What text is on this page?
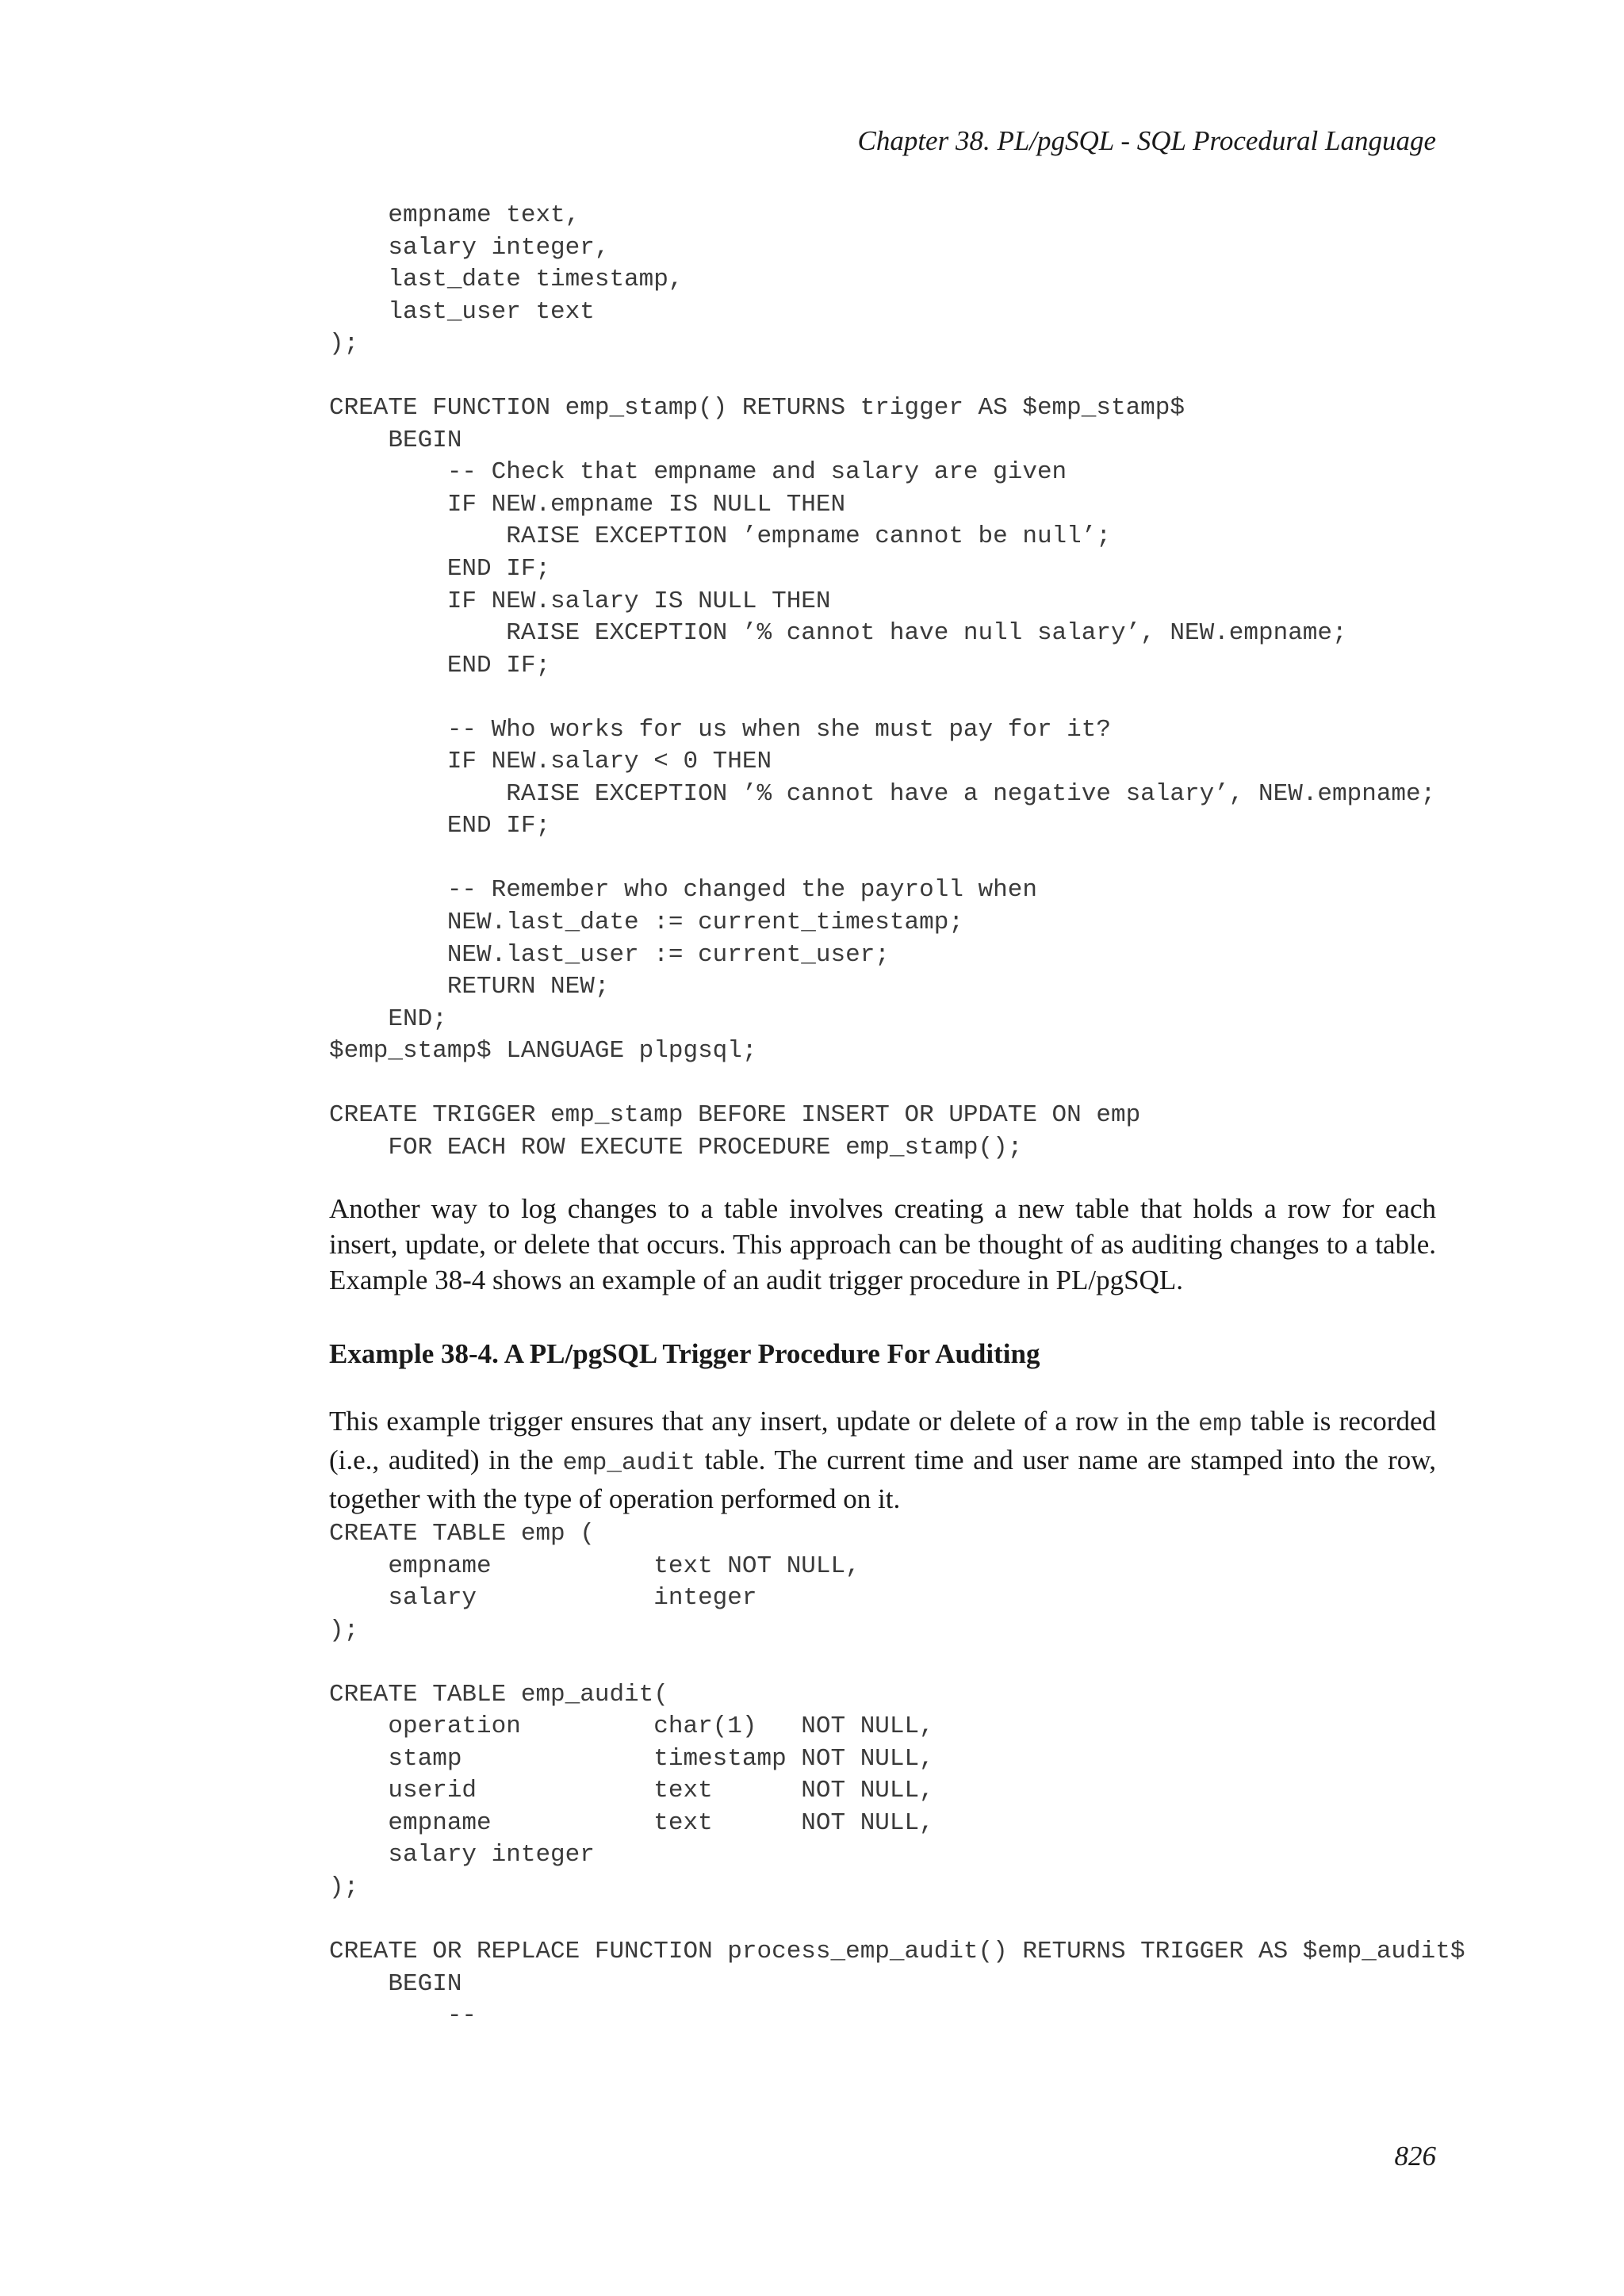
Chapter 38. PL/pgSQL - SQL Procedural Language
empname text,
salary integer,
last_date timestamp,
last_user text
);

CREATE FUNCTION emp_stamp() RETURNS trigger AS $emp_stamp$
BEGIN
-- Check that empname and salary are given
IF NEW.empname IS NULL THEN
RAISE EXCEPTION ’empname cannot be null’;
END IF;
IF NEW.salary IS NULL THEN
RAISE EXCEPTION ’% cannot have null salary’, NEW.empname;
END IF;

-- Who works for us when she must pay for it?
IF NEW.salary < 0 THEN
RAISE EXCEPTION ’% cannot have a negative salary’, NEW.empname;
END IF;

-- Remember who changed the payroll when
NEW.last_date := current_timestamp;
NEW.last_user := current_user;
RETURN NEW;
END;
$emp_stamp$ LANGUAGE plpgsql;

CREATE TRIGGER emp_stamp BEFORE INSERT OR UPDATE ON emp
FOR EACH ROW EXECUTE PROCEDURE emp_stamp();

Another way to log changes to a table involves creating a new table that holds a row for each insert, update, or delete that occurs. This approach can be thought of as auditing changes to a table. Example 38-4 shows an example of an audit trigger procedure in PL/pgSQL.

Example 38-4. A PL/pgSQL Trigger Procedure For Auditing

This example trigger ensures that any insert, update or delete of a row in the emp table is recorded (i.e., audited) in the emp_audit table. The current time and user name are stamped into the row, together with the type of operation performed on it.

CREATE TABLE emp (
empname           text NOT NULL,
salary            integer
);

CREATE TABLE emp_audit(
operation         char(1)   NOT NULL,
stamp             timestamp NOT NULL,
userid            text      NOT NULL,
empname           text      NOT NULL,
salary integer
);

CREATE OR REPLACE FUNCTION process_emp_audit() RETURNS TRIGGER AS $emp_audit$
BEGIN
--
826
